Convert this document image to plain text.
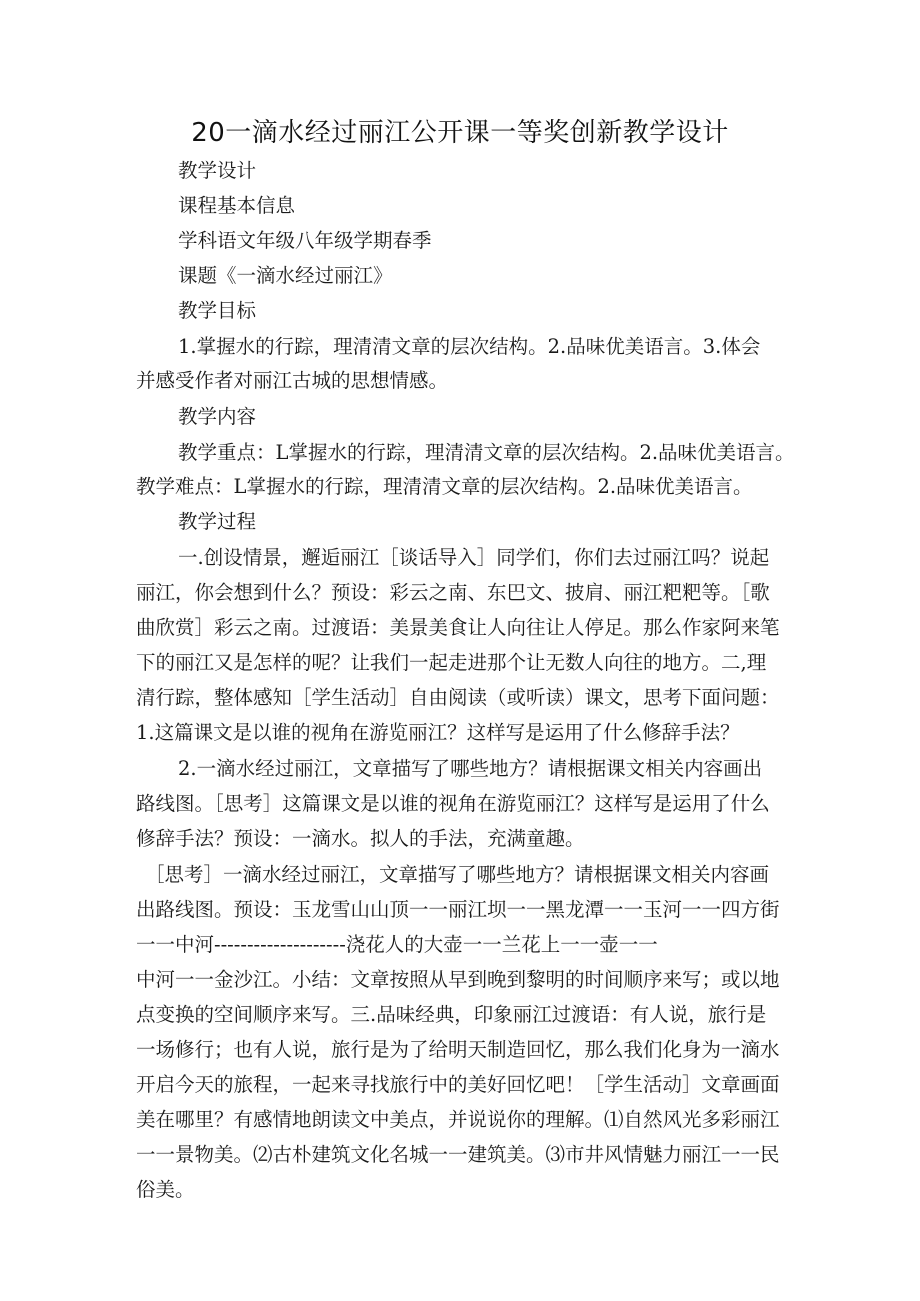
20一滴水经过丽江公开课一等奖创新教学设计
教学设计
课程基本信息
学科语文年级八年级学期春季
课题《一滴水经过丽江》
教学目标
1.掌握水的行踪，理清清文章的层次结构。2.品味优美语言。3.体会
并感受作者对丽江古城的思想情感。
教学内容
教学重点：L掌握水的行踪，理清清文章的层次结构。2.品味优美语言。
教学难点：L掌握水的行踪，理清清文章的层次结构。2.品味优美语言。
教学过程
一.创设情景，邂逅丽江［谈话导入］同学们，你们去过丽江吗？说起
丽江，你会想到什么？预设：彩云之南、东巴文、披肩、丽江粑粑等。［歌
曲欣赏］彩云之南。过渡语：美景美食让人向往让人停足。那么作家阿来笔
下的丽江又是怎样的呢？让我们一起走进那个让无数人向往的地方。二,理
清行踪，整体感知［学生活动］自由阅读（或听读）课文，思考下面问题：
1.这篇课文是以谁的视角在游览丽江？这样写是运用了什么修辞手法？
2.一滴水经过丽江，文章描写了哪些地方？请根据课文相关内容画出
路线图。［思考］这篇课文是以谁的视角在游览丽江？这样写是运用了什么
修辞手法？预设：一滴水。拟人的手法，充满童趣。
［思考］一滴水经过丽江，文章描写了哪些地方？请根据课文相关内容画
出路线图。预设：玉龙雪山山顶一一丽江坝一一黑龙潭一一玉河一一四方街
一一中河--------------------浇花人的大壶一一兰花上一一壶一一
中河一一金沙江。小结：文章按照从早到晚到黎明的时间顺序来写；或以地
点变换的空间顺序来写。三.品味经典，印象丽江过渡语：有人说，旅行是
一场修行；也有人说，旅行是为了给明天制造回忆，那么我们化身为一滴水
开启今天的旅程，一起来寻找旅行中的美好回忆吧！［学生活动］文章画面
美在哪里？有感情地朗读文中美点，并说说你的理解。⑴自然风光多彩丽江
一一景物美。⑵古朴建筑文化名城一一建筑美。⑶市井风情魅力丽江一一民
俗美。
